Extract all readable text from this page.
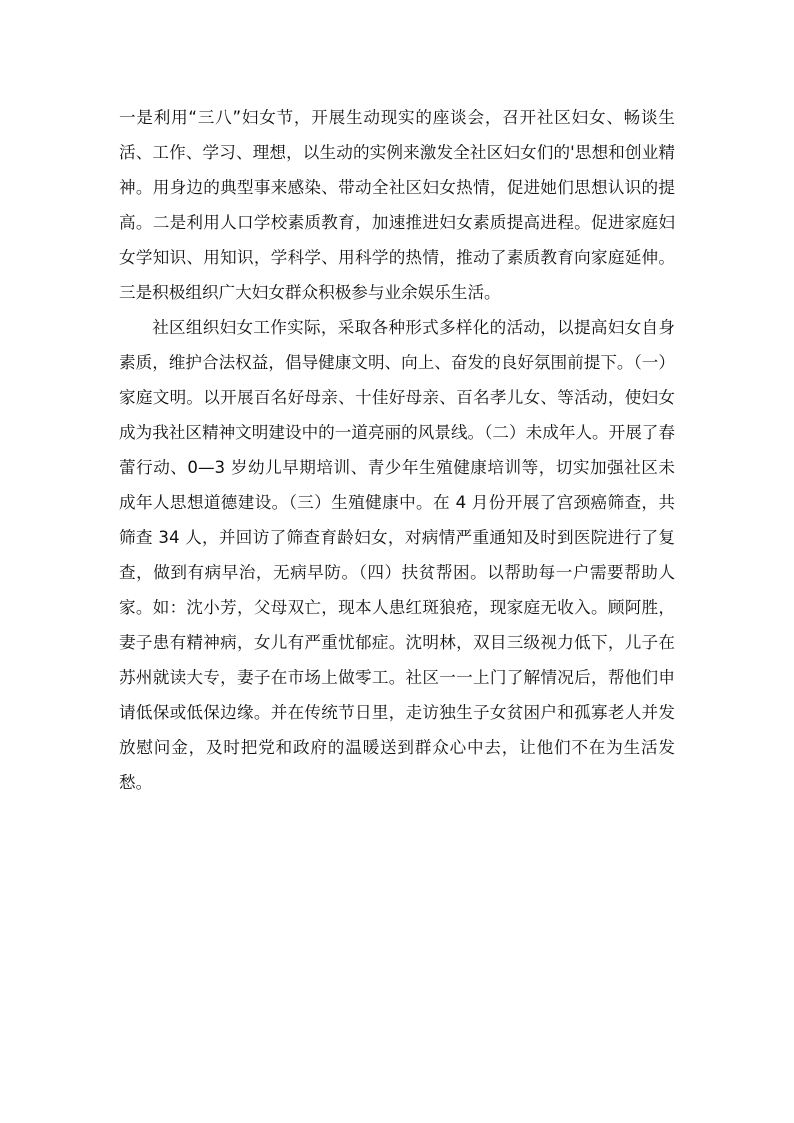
一是利用“三八”妇女节，开展生动现实的座谈会，召开社区妇女、畅谈生活、工作、学习、理想，以生动的实例来激发全社区妇女们的'思想和创业精神。用身边的典型事来感染、带动全社区妇女热情，促进她们思想认识的提高。二是利用人口学校素质教育，加速推进妇女素质提高进程。促进家庭妇女学知识、用知识，学科学、用科学的热情，推动了素质教育向家庭延伸。三是积极组织广大妇女群众积极参与业余娱乐生活。

社区组织妇女工作实际，采取各种形式多样化的活动，以提高妇女自身素质，维护合法权益，倡导健康文明、向上、奋发的良好氛围前提下。（一）家庭文明。以开展百名好母亲、十佳好母亲、百名孝儿女、等活动，使妇女成为我社区精神文明建设中的一道亮丽的风景线。（二）未成年人。开展了春蕾行动、0—3 岁幼儿早期培训、青少年生殖健康培训等，切实加强社区未成年人思想道德建设。（三）生殖健康中。在 4 月份开展了宫颈癌筛查，共筛查 34 人，并回访了筛查育龄妇女，对病情严重通知及时到医院进行了复查，做到有病早治，无病早防。（四）扶贫帮困。以帮助每一户需要帮助人家。如：沈小芳，父母双亡，现本人患红斑狼疮，现家庭无收入。顾阿胜，妻子患有精神病，女儿有严重忧郁症。沈明林，双目三级视力低下，儿子在苏州就读大专，妻子在市场上做零工。社区一一上门了解情况后，帮他们申请低保或低保边缘。并在传统节日里，走访独生子女贫困户和孤寡老人并发放慰问金，及时把党和政府的温暖送到群众心中去，让他们不在为生活发愁。
